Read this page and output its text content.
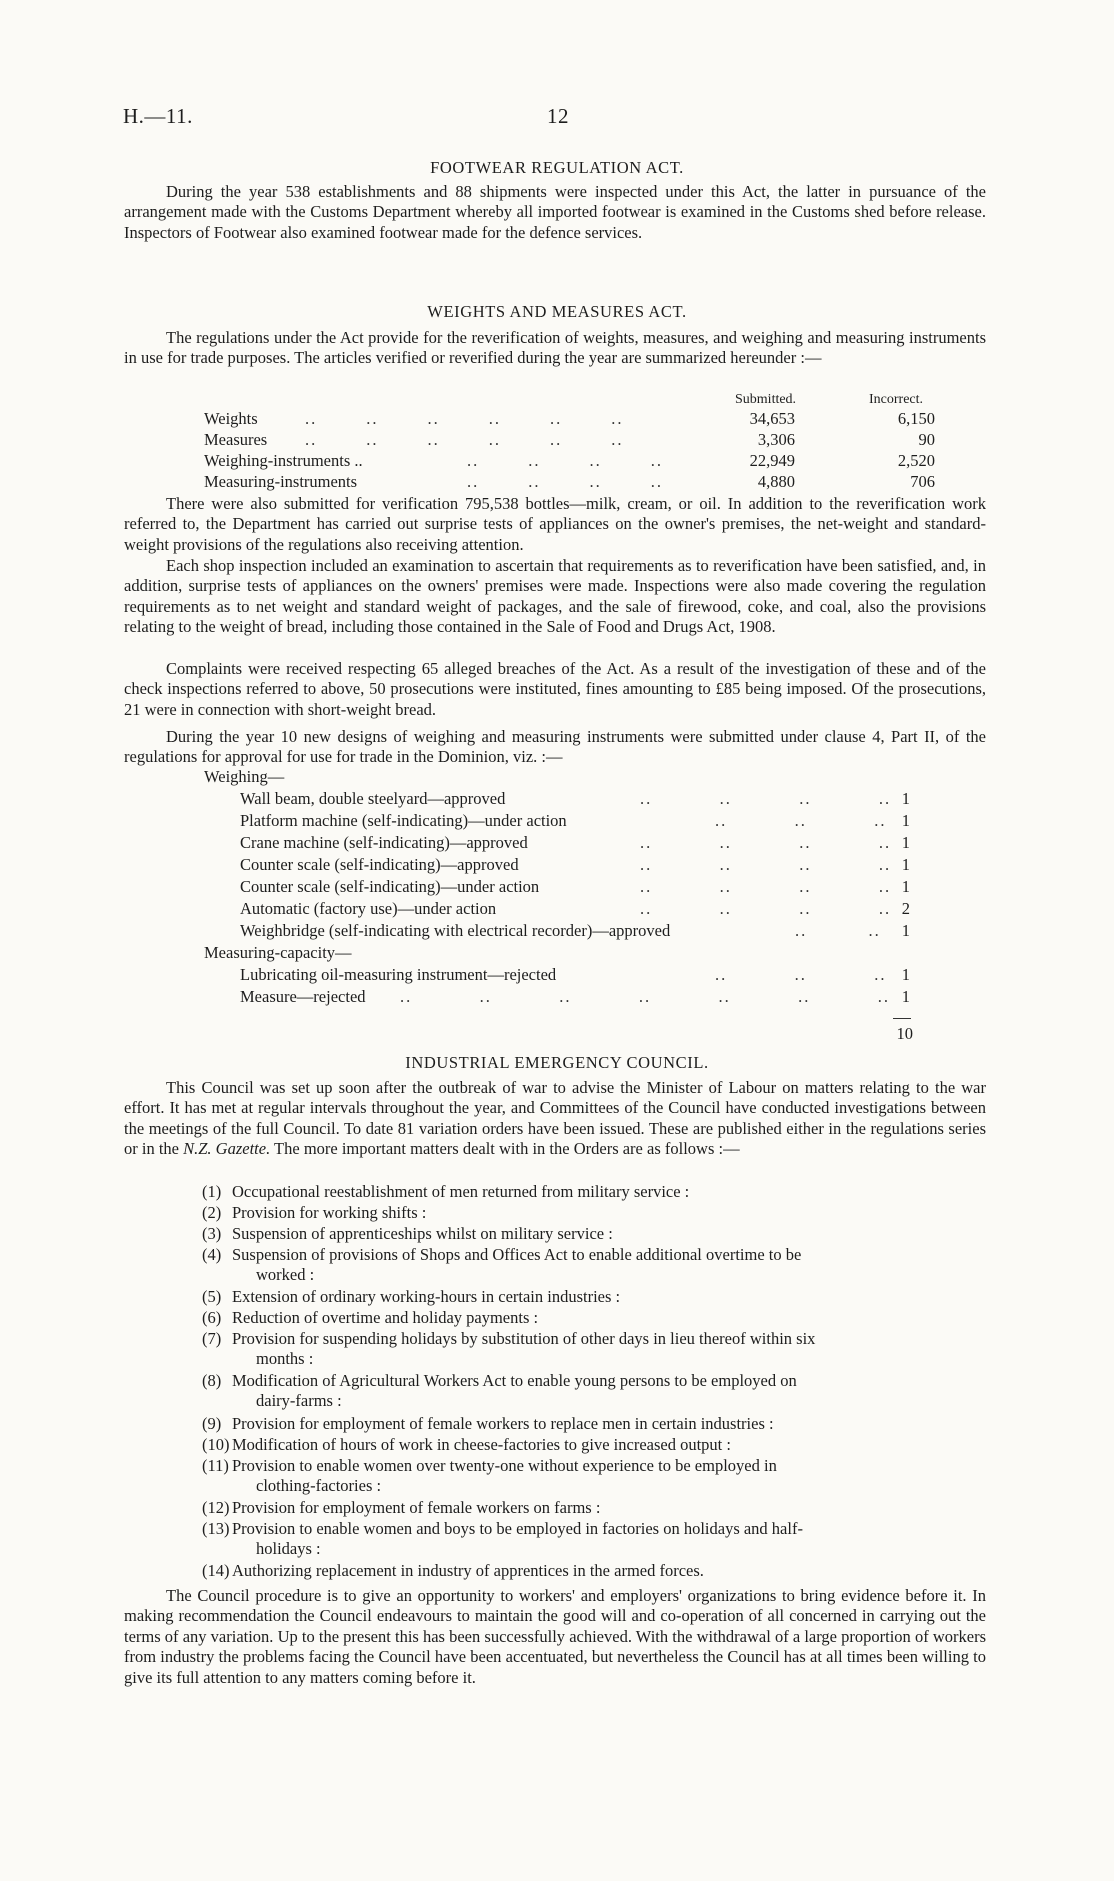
H.—11.	12
FOOTWEAR REGULATION ACT.

During the year 538 establishments and 88 shipments were inspected under this Act, the latter in pursuance of the arrangement made with the Customs Department whereby all imported footwear is examined in the Customs shed before release. Inspectors of Footwear also examined footwear made for the defence services.

WEIGHTS AND MEASURES ACT.

The regulations under the Act provide for the reverification of weights, measures, and weighing and measuring instruments in use for trade purposes. The articles verified or reverified during the year are summarized hereunder :—

Submitted.	Incorrect.
Weights	..        ..        ..        ..        ..        ..	34,653	6,150
Measures ..        ..        ..        ..        ..        ..	3,306	90
Weighing-instruments ..	..        ..        ..        ..	22,949	2,520
Measuring-instruments	..        ..        ..        ..	4,880	706

There were also submitted for verification 795,538 bottles—milk, cream, or oil. In addition to the reverification work referred to, the Department has carried out surprise tests of appliances on the owner's premises, the net-weight and standard-weight provisions of the regulations also receiving attention.

Each shop inspection included an examination to ascertain that requirements as to reverification have been satisfied, and, in addition, surprise tests of appliances on the owners' premises were made. Inspections were also made covering the regulation requirements as to net weight and standard weight of packages, and the sale of firewood, coke, and coal, also the provisions relating to the weight of bread, including those contained in the Sale of Food and Drugs Act, 1908.

Complaints were received respecting 65 alleged breaches of the Act. As a result of the investigation of these and of the check inspections referred to above, 50 prosecutions were instituted, fines amounting to £85 being imposed. Of the prosecutions, 21 were in connection with short-weight bread.

During the year 10 new designs of weighing and measuring instruments were submitted under clause 4, Part II, of the regulations for approval for use for trade in the Dominion, viz. :—

Weighing—
Wall beam, double steelyard—approved	..           ..           ..           .. 1
Platform machine (self-indicating)—under action	..           ..           .. 1
Crane machine (self-indicating)—approved	..           ..           ..           .. 1
Counter scale (self-indicating)—approved	..           ..           ..           .. 1
Counter scale (self-indicating)—under action	..           ..           ..           .. 1
Automatic (factory use)—under action	..           ..           ..           .. 2
Weighbridge (self-indicating with electrical recorder)—approved	..          ..	1
Measuring-capacity—
Lubricating oil-measuring instrument—rejected	..           ..           .. 1
Measure—rejected ..           ..           ..           ..           ..           ..           .. 1
10
INDUSTRIAL EMERGENCY COUNCIL.

This Council was set up soon after the outbreak of war to advise the Minister of Labour on matters relating to the war effort. It has met at regular intervals throughout the year, and Committees of the Council have conducted investigations between the meetings of the full Council. To date 81 variation orders have been issued. These are published either in the regulations series or in the N.Z. Gazette. The more important matters dealt with in the Orders are as follows :—

(1) Occupational reestablishment of men returned from military service :
(2) Provision for working shifts :
(3) Suspension of apprenticeships whilst on military service :
(4) Suspension of provisions of Shops and Offices Act to enable additional overtime to be
worked :
(5) Extension of ordinary working-hours in certain industries :
(6) Reduction of overtime and holiday payments :
(7) Provision for suspending holidays by substitution of other days in lieu thereof within six
months :
(8) Modification of Agricultural Workers Act to enable young persons to be employed on
dairy-farms :
(9) Provision for employment of female workers to replace men in certain industries :
(10) Modification of hours of work in cheese-factories to give increased output :
(11) Provision to enable women over twenty-one without experience to be employed in
clothing-factories :
(12) Provision for employment of female workers on farms :
(13) Provision to enable women and boys to be employed in factories on holidays and half-
holidays :
(14) Authorizing replacement in industry of apprentices in the armed forces.

The Council procedure is to give an opportunity to workers' and employers' organizations to bring evidence before it. In making recommendation the Council endeavours to maintain the good will and co-operation of all concerned in carrying out the terms of any variation. Up to the present this has been successfully achieved. With the withdrawal of a large proportion of workers from industry the problems facing the Council have been accentuated, but nevertheless the Council has at all times been willing to give its full attention to any matters coming before it.
